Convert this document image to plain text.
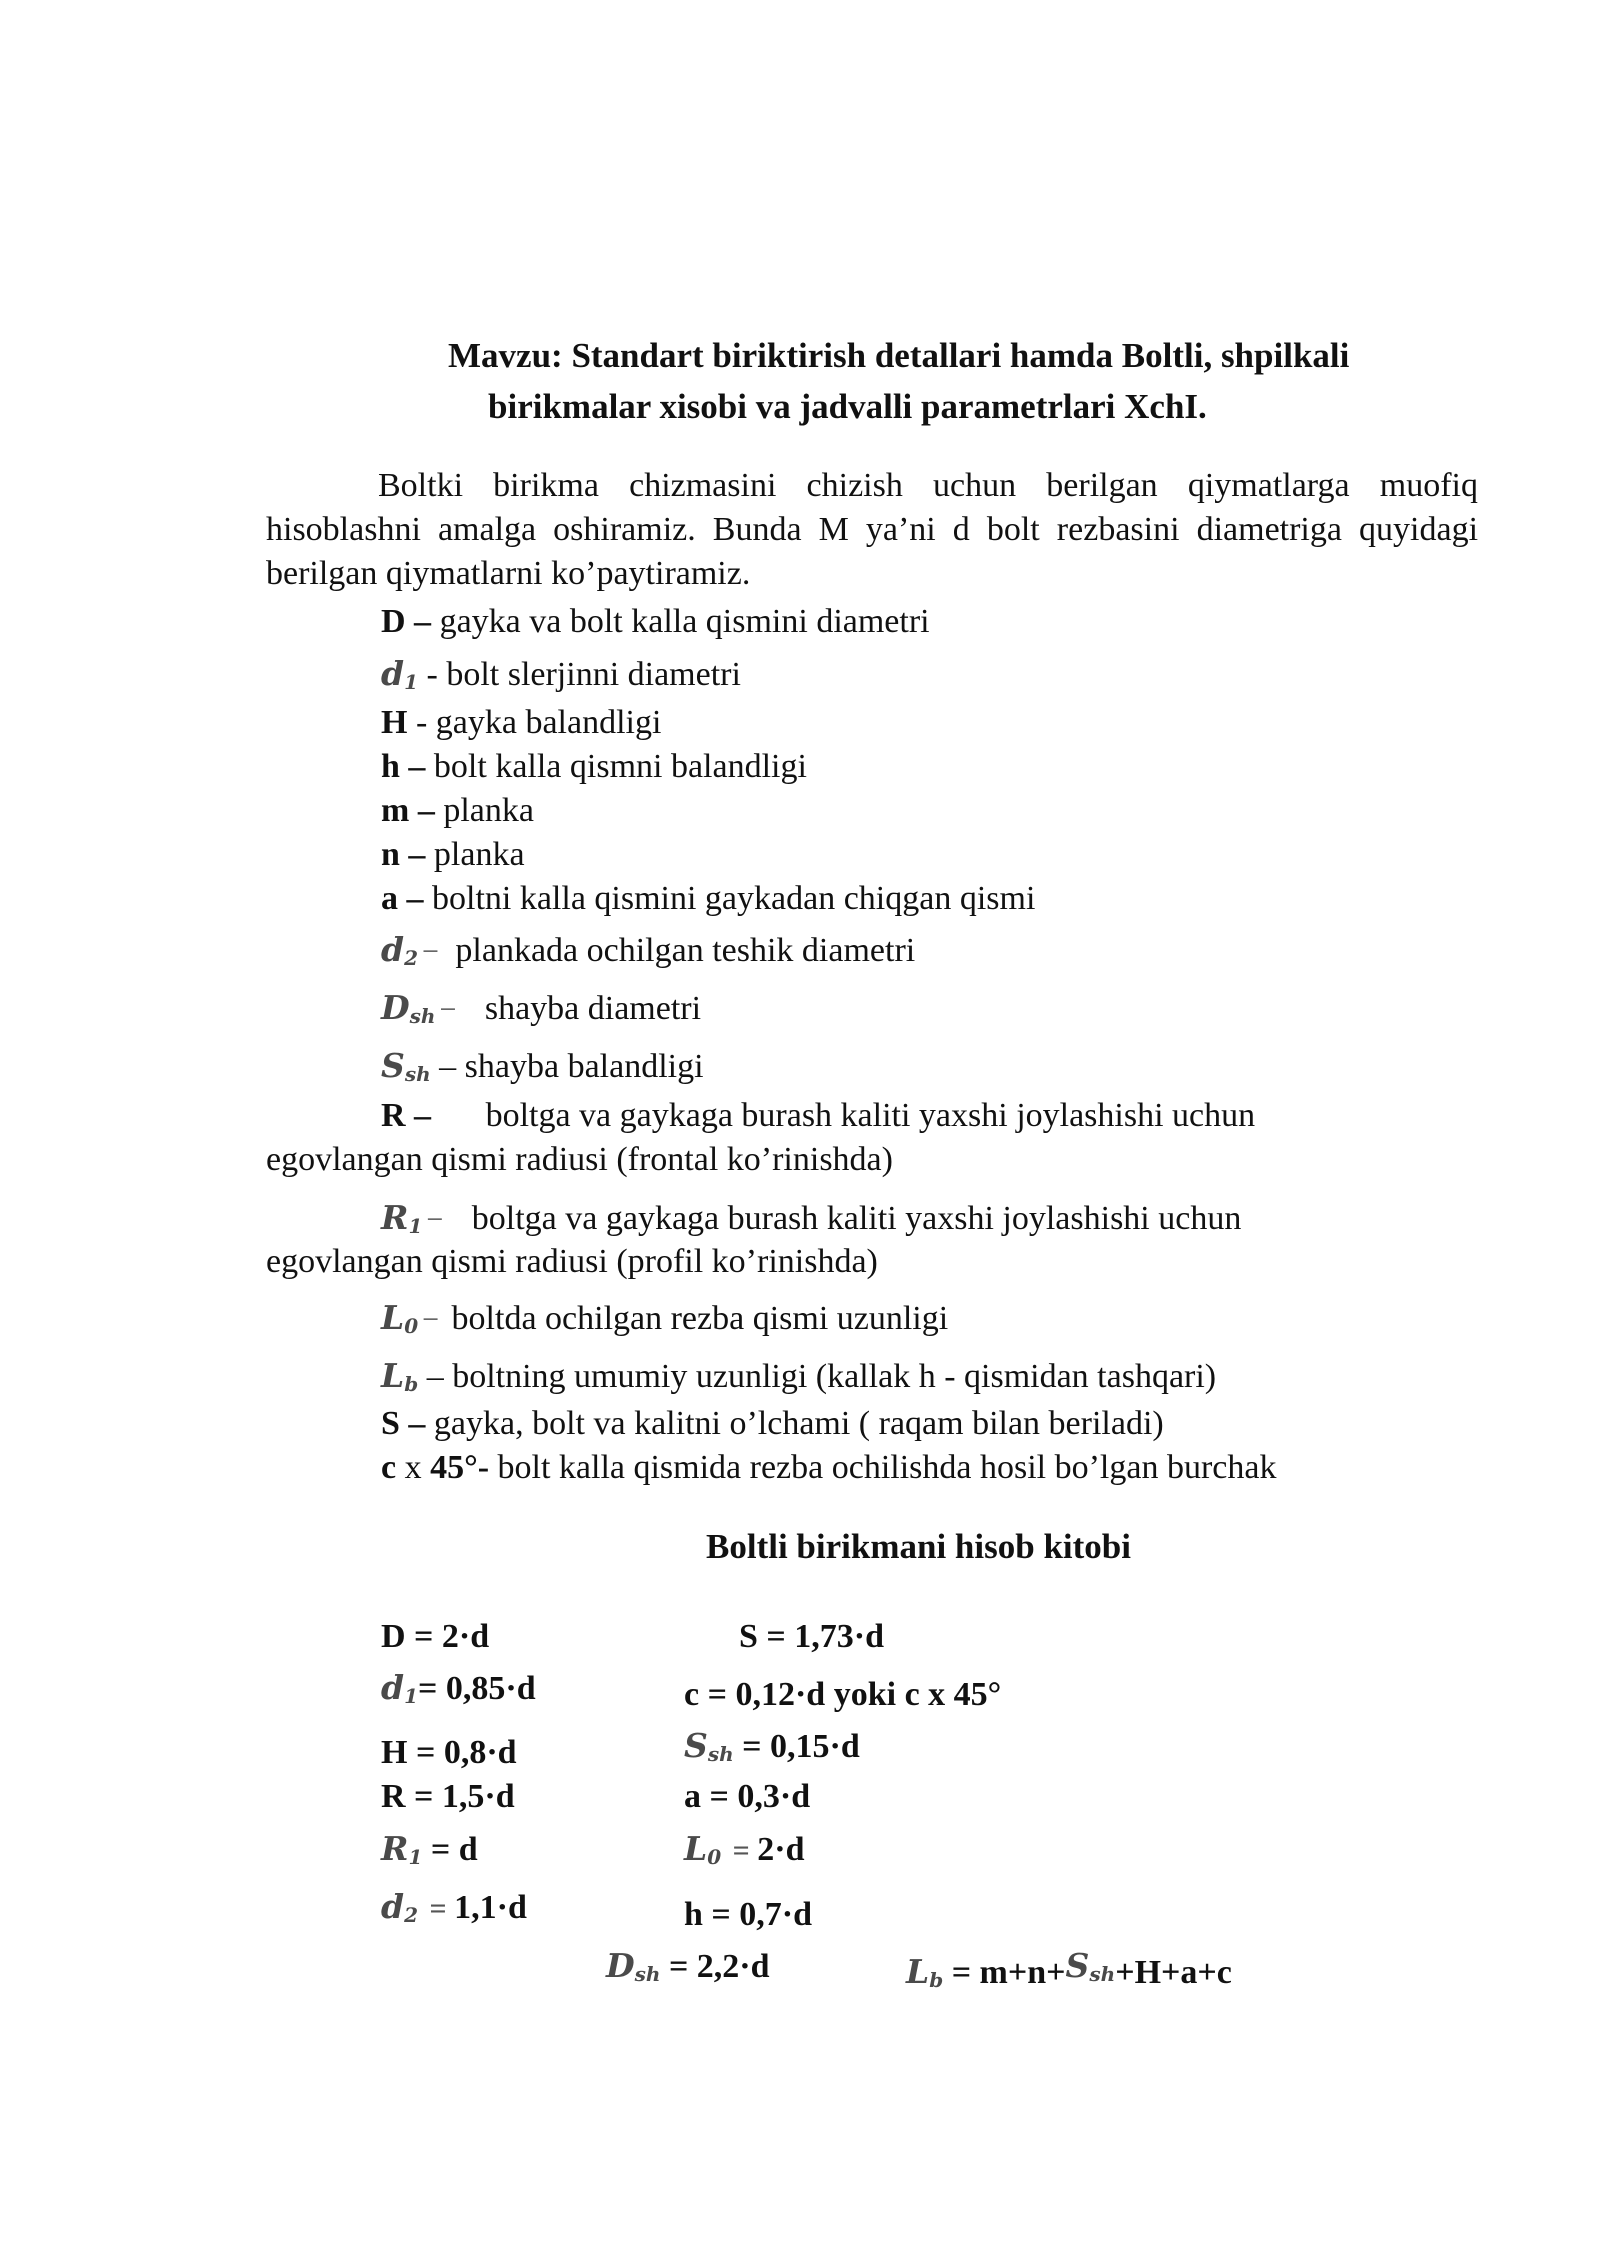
Mavzu: Standart biriktirish detallari hamda Boltli, shpilkali
birikmalar xisobi va jadvalli parametrlari XchI.
Boltki birikma chizmasini chizish uchun berilgan qiymatlarga muofiq hisoblashni amalga oshiramiz. Bunda M ya’ni d bolt rezbasini diametriga quyidagi berilgan qiymatlarni ko’paytiramiz.
D – gayka va bolt kalla qismini diametri
$d_1$ - bolt slerjinni diametri
H - gayka balandligi
h – bolt kalla qismni balandligi
m – planka
n – planka
a – boltni kalla qismini gaykadan chiqgan qismi
$d_2$ − plankada ochilgan teshik diametri
$D_{sh}$ − shayba diametri
$S_{sh}$ – shayba balandligi
R – boltga va gaykaga burash kaliti yaxshi joylashishi uchun
egovlangan qismi radiusi (frontal ko’rinishda)
$R_1$ − boltga va gaykaga burash kaliti yaxshi joylashishi uchun
egovlangan qismi radiusi (profil ko’rinishda)
$L_0$ − boltda ochilgan rezba qismi uzunligi
$L_b$ – boltning umumiy uzunligi (kallak h - qismidan tashqari)
S – gayka, bolt va kalitni o’lchami ( raqam bilan beriladi)
c x 45°- bolt kalla qismida rezba ochilishda hosil bo’lgan burchak
Boltli birikmani hisob kitobi
D = 2·d	S = 1,73·d
$d_1= 0,85\cdot d$	c = 0,12·d yoki c x 45°
H = 0,8·d	$S_{sh} = 0,15\cdot d$
R = 1,5·d	a = 0,3·d
$R_1 = d$	$L_0 = 2\cdot d$
$d_2 = 1,1\cdot d$	h = 0,7·d
$D_{sh} = 2,2\cdot d$	$L_b = m+n+S_{sh}+H+a+c$
